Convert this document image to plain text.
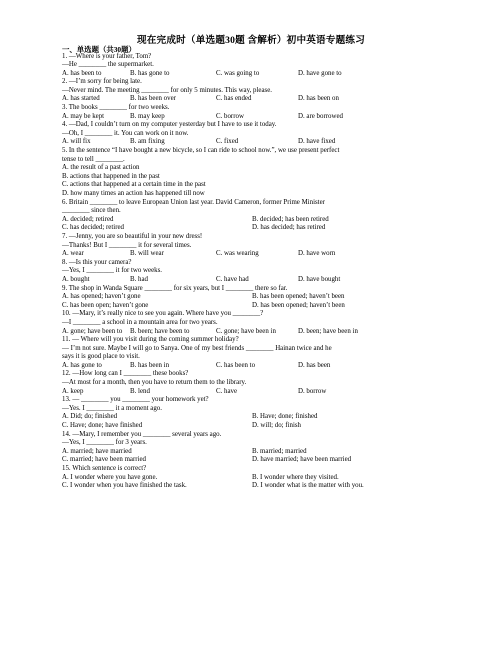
现在完成时（单选题30题 含解析）初中英语专题练习
一、单选题（共30题）
1. —Where is your father, Tom?
—He ________ the supermarket.
A. has been to	B. has gone to	C. was going to	D. have gone to
2. —I’m sorry for being late.
—Never mind. The meeting ________ for only 5 minutes. This way, please.
A. has started	B. has been over	C. has ended	D. has been on
3. The books ________ for two weeks.
A. may be kept	B. may keep	C. borrow	D. are borrowed
4. —Dad, I couldn’t turn on my computer yesterday but I have to use it today.
—Oh, I ________ it. You can work on it now.
A. will fix	B. am fixing	C. fixed	D. have fixed
5. In the sentence “I have bought a new bicycle, so I can ride to school now.”, we use present perfect
tense to tell ________.
A. the result of a past action
B. actions that happened in the past
C. actions that happened at a certain time in the past
D. how many times an action has happened till now
6. Britain ________ to leave European Union last year. David Cameron, former Prime Minister
________ since then.
A. decided; retired	B. decided; has been retired
C. has decided; retired	D. has decided; has retired
7. —Jenny, you are so beautiful in your new dress!
—Thanks! But I ________ it for several times.
A. wear	B. will wear	C. was wearing	D. have worn
8. —Is this your camera?
—Yes, I ________ it for two weeks.
A. bought	B. had	C. have had	D. have bought
9. The shop in Wanda Square ________ for six years, but I ________ there so far.
A. has opened; haven’t gone	B. has been opened; haven’t been
C. has been open; haven’t gone	D. has been opened; haven’t been
10. —Mary, it’s really nice to see you again. Where have you ________?
—I ________ a school in a mountain area for two years.
A. gone; have been to B. been; have been to	C. gone; have been in	D. been; have been in
11. — Where will you visit during the coming summer holiday?
— I’m not sure. Maybe I will go to Sanya. One of my best friends ________ Hainan twice and he
says it is good place to visit.
A. has gone to	B. has been in	C. has been to	D. has been
12. —How long can I ________ these books?
—At most for a month, then you have to return them to the library.
A. keep	B. lend	C. have	D. borrow
13. — ________ you ________ your homework yet?
—Yes. I ________ it a moment ago.
A. Did; do; finished	B. Have; done; finished
C. Have; done; have finished	D. will; do; finish
14. —Mary, I remember you ________ several years ago.
—Yes, I ________ for 3 years.
A. married; have married	B. married; married
C. married; have been married	D. have married; have been married
15. Which sentence is correct?
A. I wonder where you have gone.	B. I wonder where they visited.
C. I wonder when you have finished the task.	D. I wonder what is the matter with you.
